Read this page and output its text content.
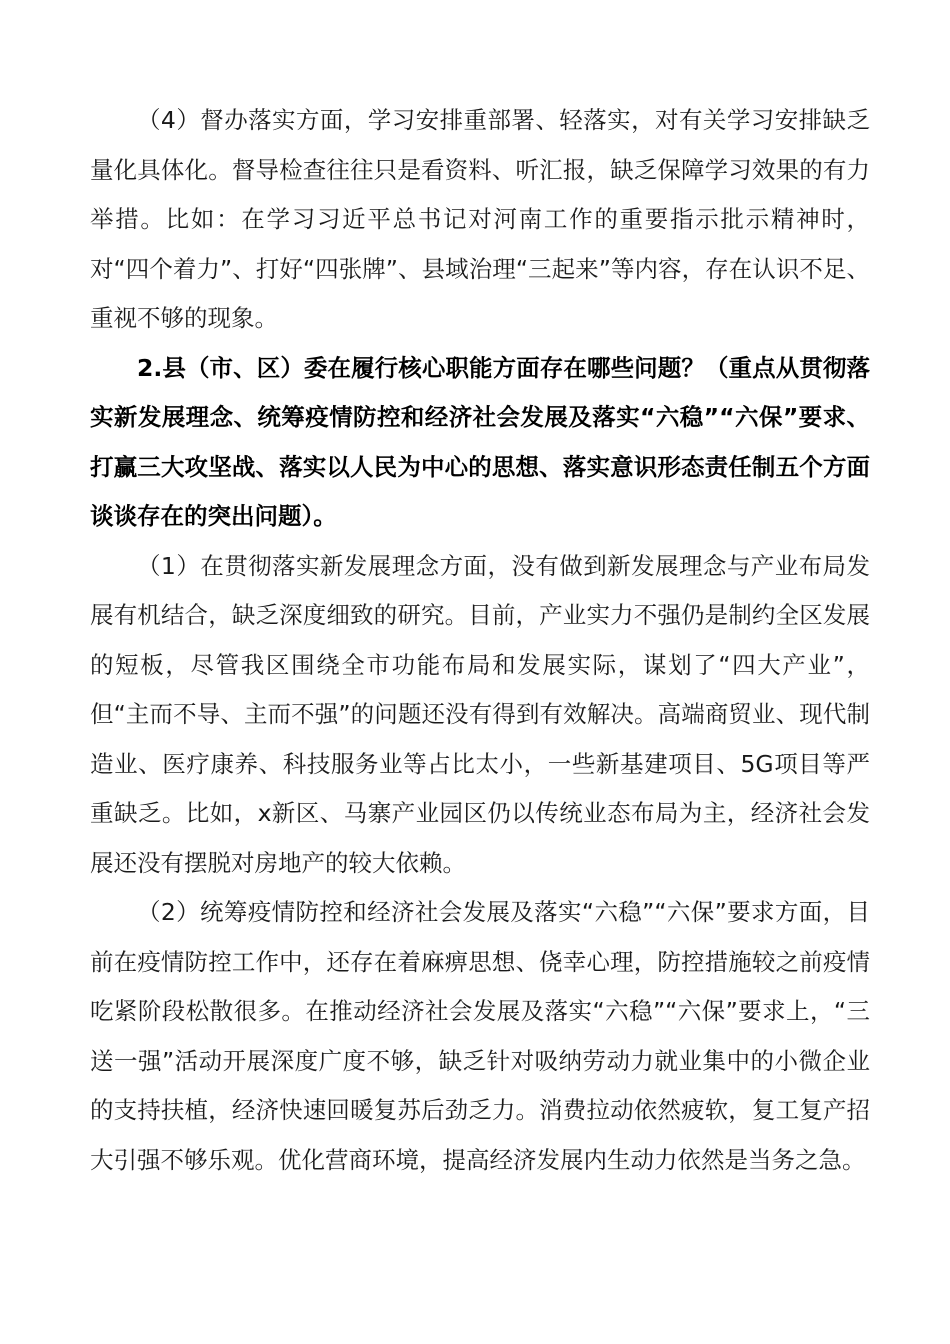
（4）督办落实方面，学习安排重部署、轻落实，对有关学习安排缺乏量化具体化。督导检查往往只是看资料、听汇报，缺乏保障学习效果的有力举措。比如：在学习习近平总书记对河南工作的重要指示批示精神时，对“四个着力”、打好“四张牌”、县域治理“三起来”等内容，存在认识不足、重视不够的现象。

2.县（市、区）委在履行核心职能方面存在哪些问题？（重点从贯彻落实新发展理念、统筹疫情防控和经济社会发展及落实“六稳”“六保”要求、打赢三大攻坚战、落实以人民为中心的思想、落实意识形态责任制五个方面谈谈存在的突出问题）。

（1）在贯彻落实新发展理念方面，没有做到新发展理念与产业布局发展有机结合，缺乏深度细致的研究。目前，产业实力不强仍是制约全区发展的短板，尽管我区围绕全市功能布局和发展实际，谋划了“四大产业”，但“主而不导、主而不强”的问题还没有得到有效解决。高端商贸业、现代制造业、医疗康养、科技服务业等占比太小，一些新基建项目、5G项目等严重缺乏。比如，x新区、马寨产业园区仍以传统业态布局为主，经济社会发展还没有摆脱对房地产的较大依赖。

（2）统筹疫情防控和经济社会发展及落实“六稳”“六保”要求方面，目前在疫情防控工作中，还存在着麻痹思想、侥幸心理，防控措施较之前疫情吃紧阶段松散很多。在推动经济社会发展及落实“六稳”“六保”要求上，“三送一强”活动开展深度广度不够，缺乏针对吸纳劳动力就业集中的小微企业的支持扶植，经济快速回暖复苏后劲乏力。消费拉动依然疲软，复工复产招大引强不够乐观。优化营商环境，提高经济发展内生动力依然是当务之急。
